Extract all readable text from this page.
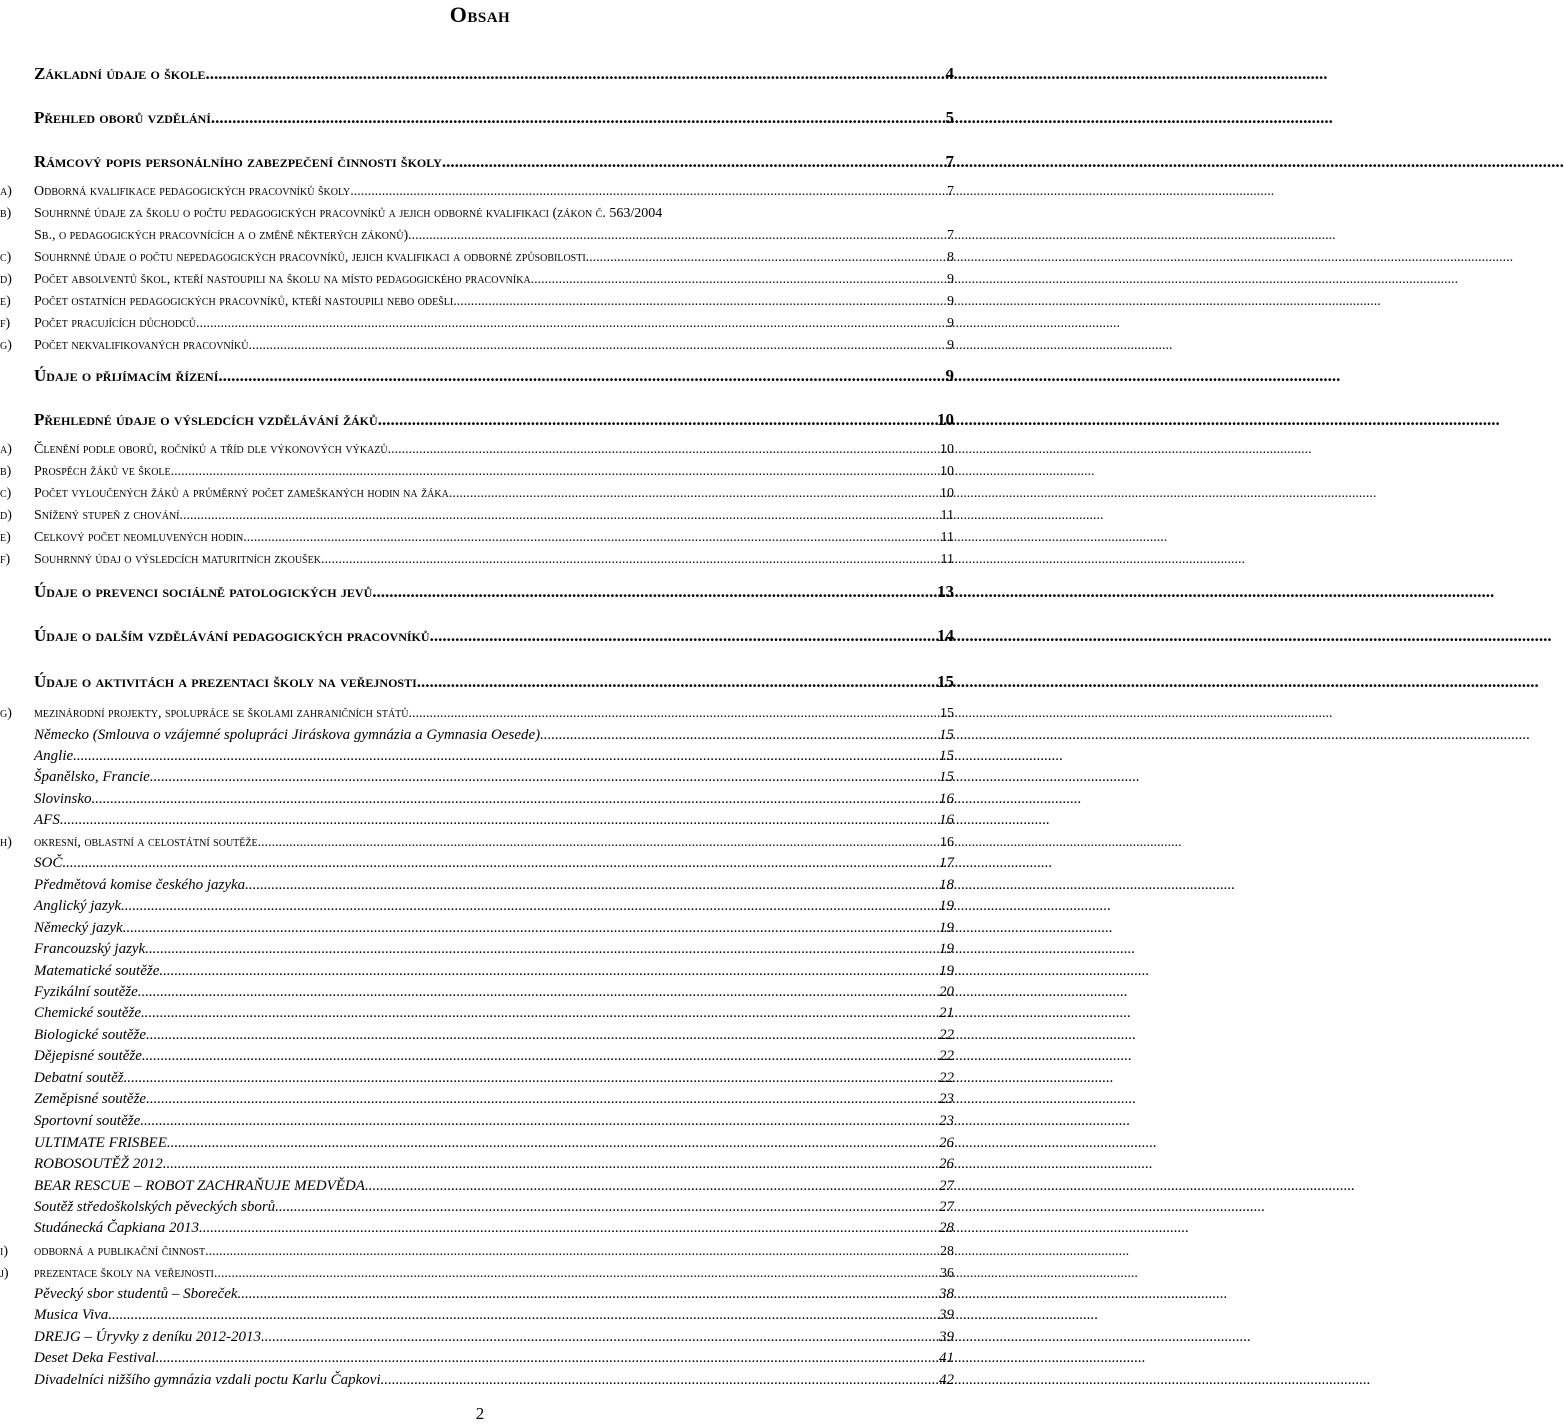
Obsah
Základní údaje o škole .....	4
Přehled oborů vzdělání .....	5
Rámcový popis personálního zabezpečení činnosti školy .....	7
a)	Odborná kvalifikace pedagogických pracovníků školy .....	7
b)	Souhrnné údaje za školu o počtu pedagogických pracovníků a jejich odborné kvalifikaci (zákon č. 563/2004
Sb., o pedagogických pracovnících a o změně některých zákonů). .....	7
c)	Souhrnné údaje o počtu nepedagogických pracovníků, jejich kvalifikaci a odborné způsobilosti. .....	8
d)	Počet absolventů škol, kteří nastoupili na školu na místo pedagogického pracovníka. .....	9
e)	Počet ostatních pedagogických pracovníků, kteří nastoupili nebo odešli. .....	9
f)	Počet pracujících důchodců .....	9
g)	Počet nekvalifikovaných pracovníků .....	9
Údaje o přijímacím řízení .....	9
Přehledné údaje o výsledcích vzdělávání žáků .....	10
a)	Členění podle oborů, ročníků a tříd dle výkonových výkazů .....	10
b)	Prospěch žáků ve škole .....	10
c)	Počet vyloučených žáků a průměrný počet zameškaných hodin na žáka. .....	10
d)	Snížený stupeň z chování .....	11
e)	Celkový počet neomluvených hodin .....	11
f)	Souhrnný údaj o výsledcích maturitních zkoušek .....	11
Údaje o prevenci sociálně patologických jevů .....	13
Údaje o dalším vzdělávání pedagogických pracovníků .....	14
Údaje o aktivitách a prezentaci školy na veřejnosti .....	15
g)	mezinárodní projekty, spolupráce se školami zahraničních států .....	15
Německo (Smlouva o vzájemné spolupráci Jiráskova gymnázia a Gymnasia Oesede) .....	15
Anglie .....	15
Španělsko, Francie .....	15
Slovinsko .....	16
AFS .....	16
h)	okresní, oblastní a celostátní soutěže .....	16
SOČ .....	17
Předmětová komise českého jazyka .....	18
Anglický jazyk .....	19
Německý jazyk .....	19
Francouzský jazyk .....	19
Matematické soutěže .....	19
Fyzikální soutěže .....	20
Chemické soutěže .....	21
Biologické soutěže .....	22
Dějepisné soutěže .....	22
Debatní soutěž .....	22
Zeměpisné soutěže .....	23
Sportovní soutěže .....	23
ULTIMATE FRISBEE .....	26
ROBOSOUTĚŽ 2012 .....	26
BEAR RESCUE – ROBOT ZACHRAŇUJE MEDVĚDA .....	27
Soutěž středoškolských pěveckých sborů .....	27
Studánecká Čapkiana 2013 .....	28
i)	odborná a publikační činnost .....	28
j)	prezentace školy na veřejnosti .....	36
Pěvecký sbor studentů – Sboreček .....	38
Musica Viva .....	39
DREJG – Úryvky z deníku 2012-2013 .....	39
Deset Deka Festival .....	41
Divadelníci nižšího gymnázia vzdali poctu Karlu Čapkovi .....	42
2
